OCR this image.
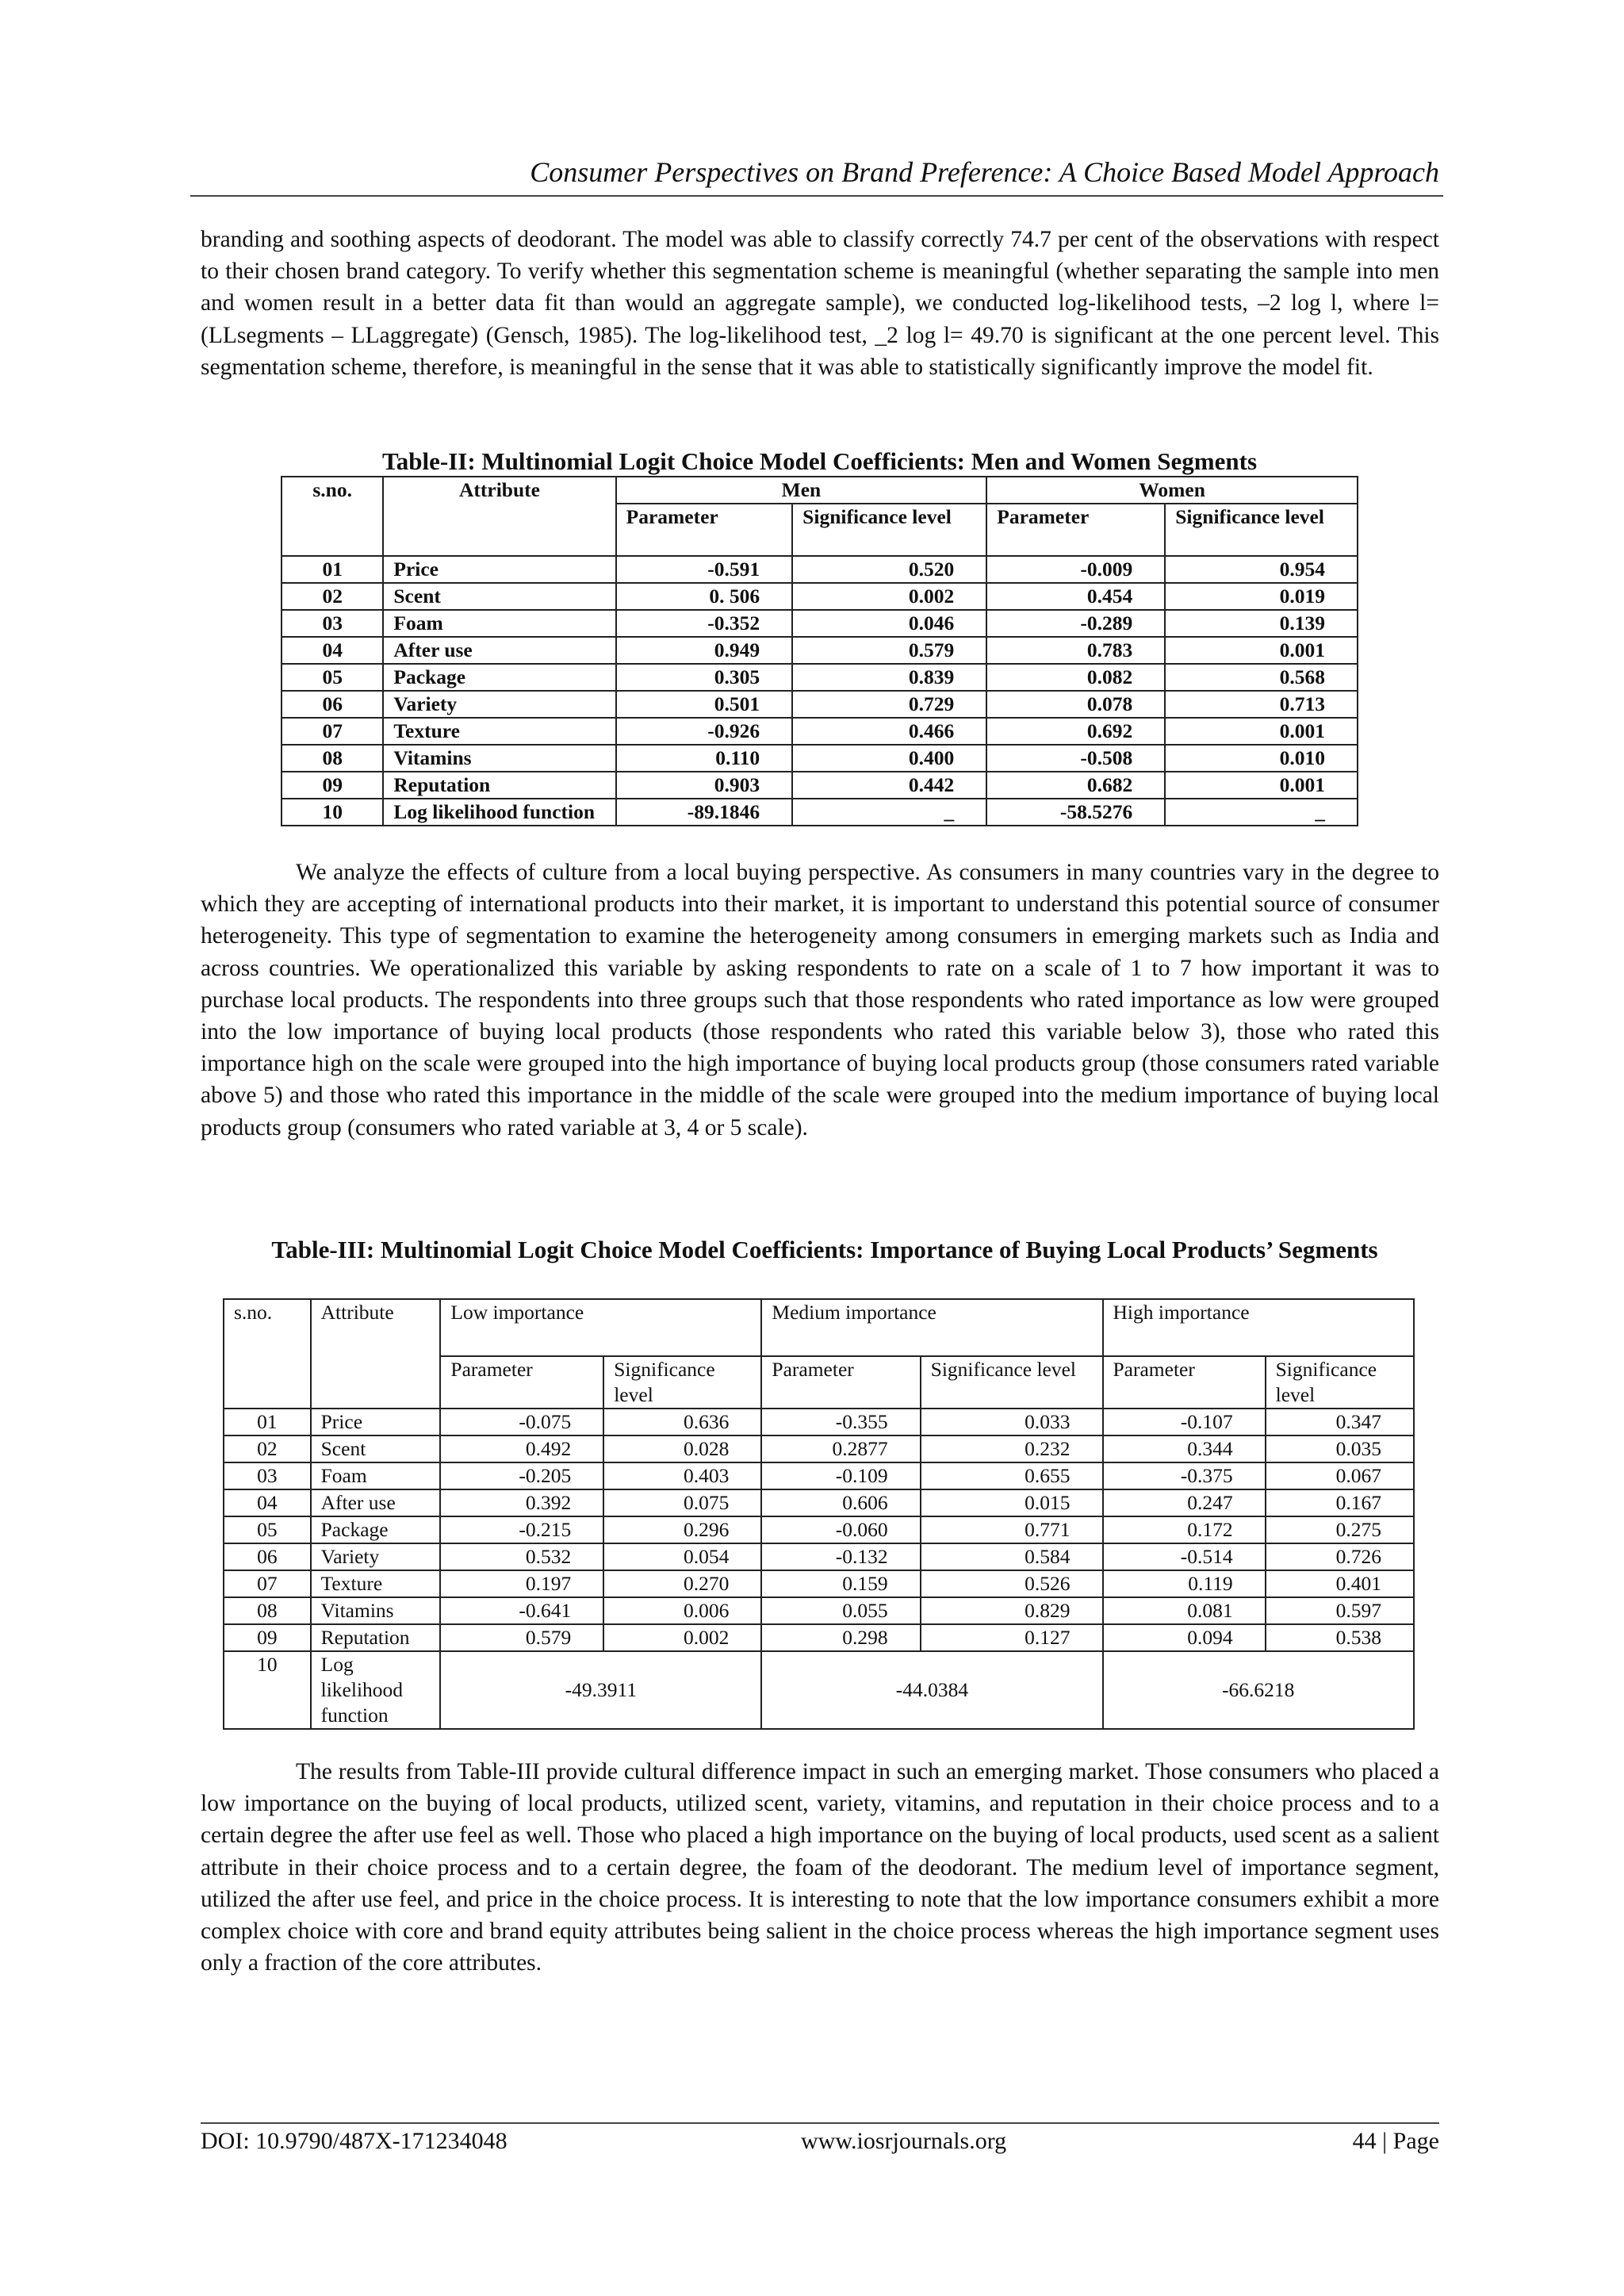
Consumer Perspectives on Brand Preference: A Choice Based Model Approach
branding and soothing aspects of deodorant. The model was able to classify correctly 74.7 per cent of the observations with respect to their chosen brand category. To verify whether this segmentation scheme is meaningful (whether separating the sample into men and women result in a better data fit than would an aggregate sample), we conducted log-likelihood tests, –2 log l, where l=(LLsegments – LLaggregate) (Gensch, 1985). The log-likelihood test, _2 log l= 49.70 is significant at the one percent level. This segmentation scheme, therefore, is meaningful in the sense that it was able to statistically significantly improve the model fit.
Table-II: Multinomial Logit Choice Model Coefficients: Men and Women Segments
s.no.	Attribute	Men		Women	
		Parameter	Significance level	Parameter	Significance level
01	Price	-0.591	0.520	-0.009	0.954
02	Scent	0. 506	0.002	0.454	0.019
03	Foam	-0.352	0.046	-0.289	0.139
04	After use	0.949	0.579	0.783	0.001
05	Package	0.305	0.839	0.082	0.568
06	Variety	0.501	0.729	0.078	0.713
07	Texture	-0.926	0.466	0.692	0.001
08	Vitamins	0.110	0.400	-0.508	0.010
09	Reputation	0.903	0.442	0.682	0.001
10	Log likelihood function	-89.1846	_	-58.5276	_
We analyze the effects of culture from a local buying perspective. As consumers in many countries vary in the degree to which they are accepting of international products into their market, it is important to understand this potential source of consumer heterogeneity. This type of segmentation to examine the heterogeneity among consumers in emerging markets such as India and across countries. We operationalized this variable by asking respondents to rate on a scale of 1 to 7 how important it was to purchase local products. The respondents into three groups such that those respondents who rated importance as low were grouped into the low importance of buying local products (those respondents who rated this variable below 3), those who rated this importance high on the scale were grouped into the high importance of buying local products group (those consumers rated variable above 5) and those who rated this importance in the middle of the scale were grouped into the medium importance of buying local products group (consumers who rated variable at 3, 4 or 5 scale).
Table-III: Multinomial Logit Choice Model Coefficients: Importance of Buying Local Products’ Segments
s.no.	Attribute	Low importance		Medium importance		High importance	
		Parameter	Significance level	Parameter	Significance level	Parameter	Significance level
01	Price	-0.075	0.636	-0.355	0.033	-0.107	0.347
02	Scent	0.492	0.028	0.2877	0.232	0.344	0.035
03	Foam	-0.205	0.403	-0.109	0.655	-0.375	0.067
04	After use	0.392	0.075	0.606	0.015	0.247	0.167
05	Package	-0.215	0.296	-0.060	0.771	0.172	0.275
06	Variety	0.532	0.054	-0.132	0.584	-0.514	0.726
07	Texture	0.197	0.270	0.159	0.526	0.119	0.401
08	Vitamins	-0.641	0.006	0.055	0.829	0.081	0.597
09	Reputation	0.579	0.002	0.298	0.127	0.094	0.538
10	Log likelihood function	-49.3911		-44.0384		-66.6218	
The results from Table-III provide cultural difference impact in such an emerging market. Those consumers who placed a low importance on the buying of local products, utilized scent, variety, vitamins, and reputation in their choice process and to a certain degree the after use feel as well. Those who placed a high importance on the buying of local products, used scent as a salient attribute in their choice process and to a certain degree, the foam of the deodorant. The medium level of importance segment, utilized the after use feel, and price in the choice process. It is interesting to note that the low importance consumers exhibit a more complex choice with core and brand equity attributes being salient in the choice process whereas the high importance segment uses only a fraction of the core attributes.
DOI: 10.9790/487X-171234048	www.iosrjournals.org	44 | Page
